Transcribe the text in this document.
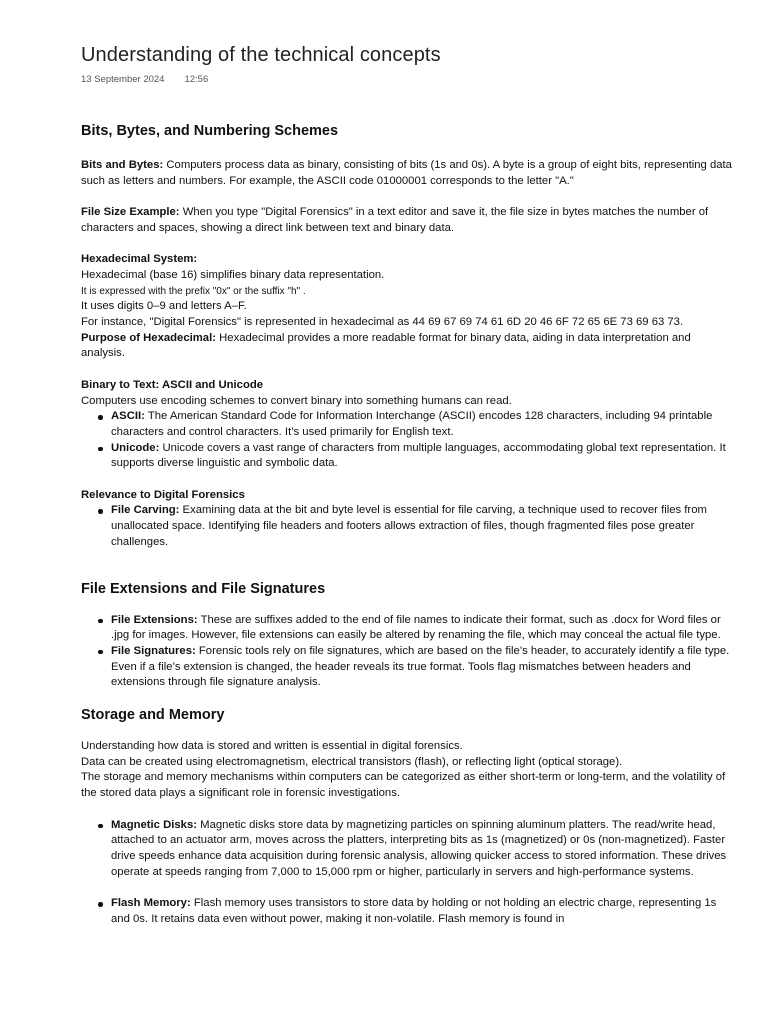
Understanding of the technical concepts
13 September 2024 12:56

Bits, Bytes, and Numbering Schemes

Bits and Bytes: Computers process data as binary, consisting of bits (1s and 0s). A byte is a group of eight bits, representing data such as letters and numbers. For example, the ASCII code 01000001 corresponds to the letter "A."

File Size Example: When you type "Digital Forensics" in a text editor and save it, the file size in bytes matches the number of characters and spaces, showing a direct link between text and binary data.

Hexadecimal System:

Hexadecimal (base 16) simplifies binary data representation.

It is expressed with the prefix "0x" or the suffix "h" .

It uses digits 0–9 and letters A–F.

For instance, "Digital Forensics" is represented in hexadecimal as 44 69 67 69 74 61 6D 20 46 6F 72 65 6E 73 69 63 73.

Purpose of Hexadecimal: Hexadecimal provides a more readable format for binary data, aiding in data interpretation and analysis.

Binary to Text: ASCII and Unicode

Computers use encoding schemes to convert binary into something humans can read.

ASCII: The American Standard Code for Information Interchange (ASCII) encodes 128 characters, including 94 printable characters and control characters. It’s used primarily for English text.
Unicode: Unicode covers a vast range of characters from multiple languages, accommodating global text representation. It supports diverse linguistic and symbolic data.

Relevance to Digital Forensics

File Carving: Examining data at the bit and byte level is essential for file carving, a technique used to recover files from unallocated space. Identifying file headers and footers allows extraction of files, though fragmented files pose greater challenges.

File Extensions and File Signatures

File Extensions: These are suffixes added to the end of file names to indicate their format, such as .docx for Word files or .jpg for images. However, file extensions can easily be altered by renaming the file, which may conceal the actual file type.
File Signatures: Forensic tools rely on file signatures, which are based on the file’s header, to accurately identify a file type. Even if a file’s extension is changed, the header reveals its true format. Tools flag mismatches between headers and extensions through file signature analysis.

Storage and Memory

Understanding how data is stored and written is essential in digital forensics.

Data can be created using electromagnetism, electrical transistors (flash), or reflecting light (optical storage).

The storage and memory mechanisms within computers can be categorized as either short-term or long-term, and the volatility of the stored data plays a significant role in forensic investigations.

Magnetic Disks: Magnetic disks store data by magnetizing particles on spinning aluminum platters. The read/write head, attached to an actuator arm, moves across the platters, interpreting bits as 1s (magnetized) or 0s (non-magnetized). Faster drive speeds enhance data acquisition during forensic analysis, allowing quicker access to stored information. These drives operate at speeds ranging from 7,000 to 15,000 rpm or higher, particularly in servers and high-performance systems.
Flash Memory: Flash memory uses transistors to store data by holding or not holding an electric charge, representing 1s and 0s. It retains data even without power, making it non-volatile. Flash memory is found in
